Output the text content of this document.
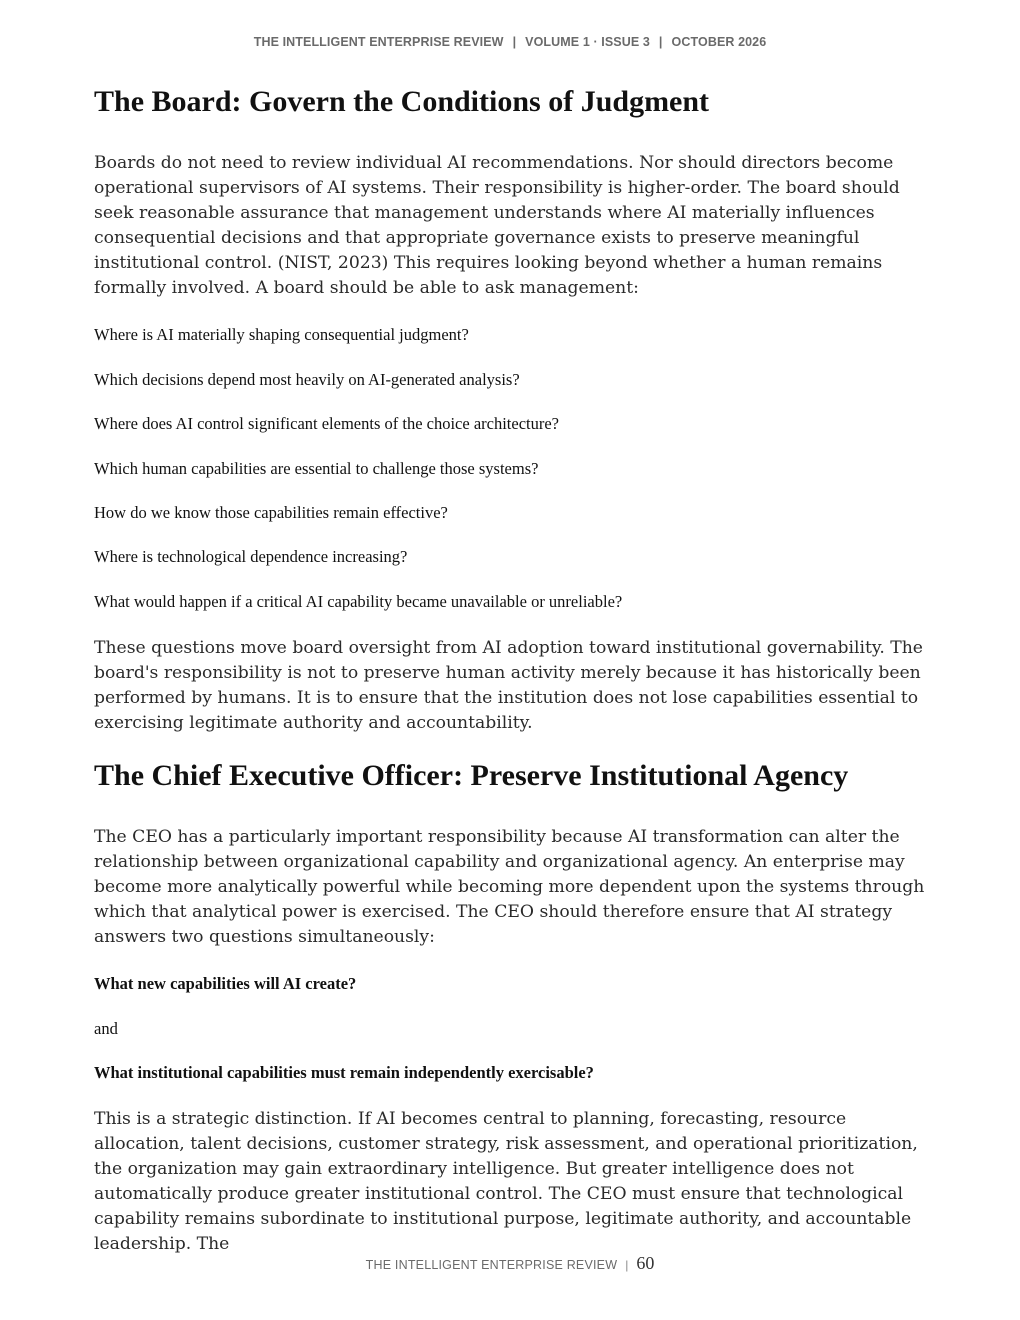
THE INTELLIGENT ENTERPRISE REVIEW | VOLUME 1 · ISSUE 3 | OCTOBER 2026
The Board: Govern the Conditions of Judgment

Boards do not need to review individual AI recommendations. Nor should directors become operational supervisors of AI systems. Their responsibility is higher-order. The board should seek reasonable assurance that management understands where AI materially influences consequential decisions and that appropriate governance exists to preserve meaningful institutional control. (NIST, 2023) This requires looking beyond whether a human remains formally involved. A board should be able to ask management:

Where is AI materially shaping consequential judgment?

Which decisions depend most heavily on AI-generated analysis?

Where does AI control significant elements of the choice architecture?

Which human capabilities are essential to challenge those systems?

How do we know those capabilities remain effective?

Where is technological dependence increasing?

What would happen if a critical AI capability became unavailable or unreliable?

These questions move board oversight from AI adoption toward institutional governability. The board's responsibility is not to preserve human activity merely because it has historically been performed by humans. It is to ensure that the institution does not lose capabilities essential to exercising legitimate authority and accountability.

The Chief Executive Officer: Preserve Institutional Agency

The CEO has a particularly important responsibility because AI transformation can alter the relationship between organizational capability and organizational agency. An enterprise may become more analytically powerful while becoming more dependent upon the systems through which that analytical power is exercised. The CEO should therefore ensure that AI strategy answers two questions simultaneously:

What new capabilities will AI create?

and

What institutional capabilities must remain independently exercisable?

This is a strategic distinction. If AI becomes central to planning, forecasting, resource allocation, talent decisions, customer strategy, risk assessment, and operational prioritization, the organization may gain extraordinary intelligence. But greater intelligence does not automatically produce greater institutional control. The CEO must ensure that technological capability remains subordinate to institutional purpose, legitimate authority, and accountable leadership. The

THE INTELLIGENT ENTERPRISE REVIEW | 60
